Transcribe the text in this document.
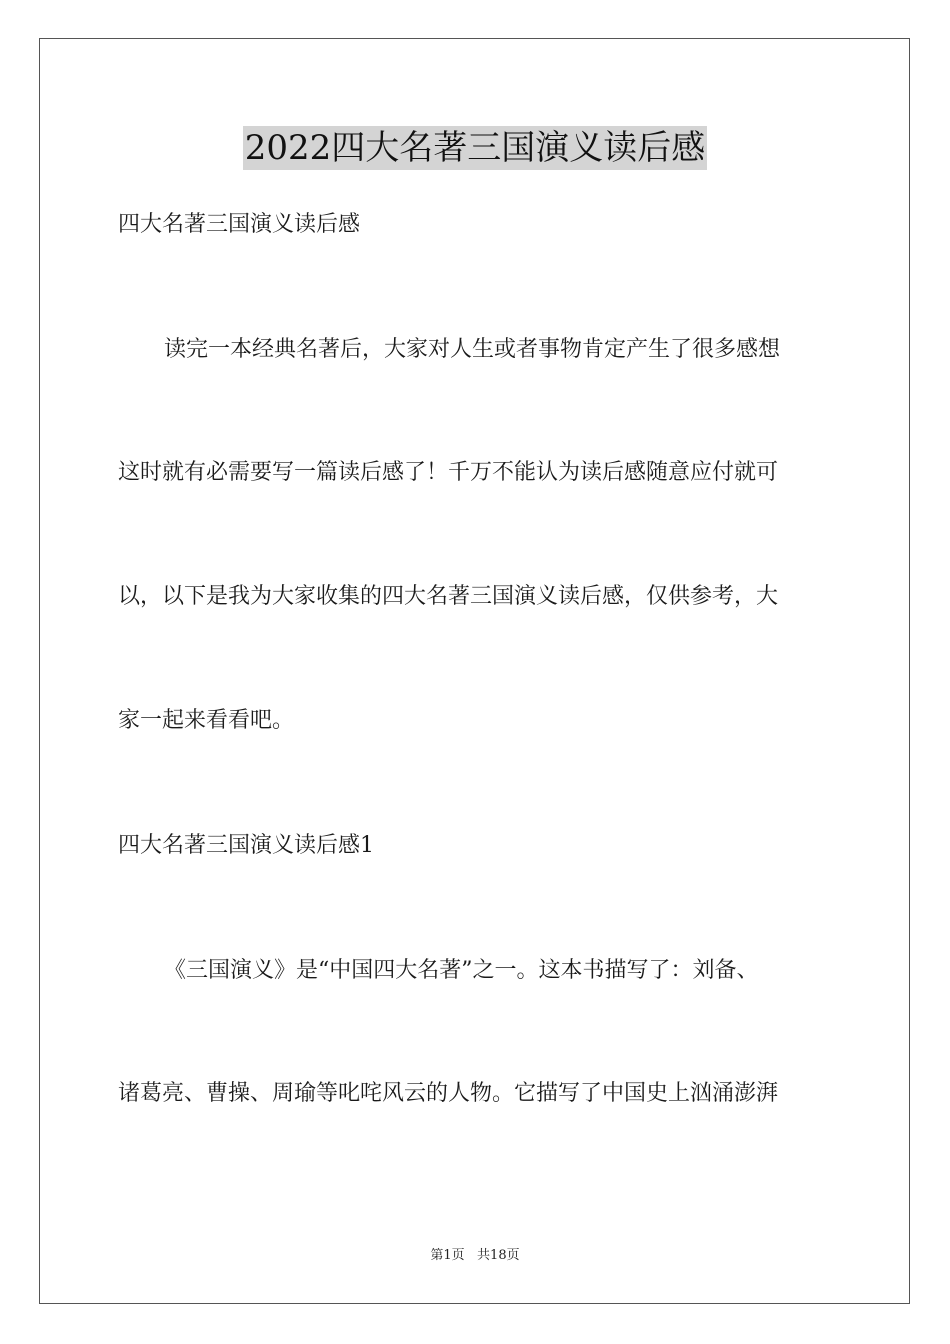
2022四大名著三国演义读后感
四大名著三国演义读后感
读完一本经典名著后，大家对人生或者事物肯定产生了很多感想
这时就有必需要写一篇读后感了！千万不能认为读后感随意应付就可
以，以下是我为大家收集的四大名著三国演义读后感，仅供参考，大
家一起来看看吧。
四大名著三国演义读后感1
《三国演义》是“中国四大名著”之一。这本书描写了：刘备、
诸葛亮、曹操、周瑜等叱咤风云的人物。它描写了中国史上汹涌澎湃
第1页   共18页
